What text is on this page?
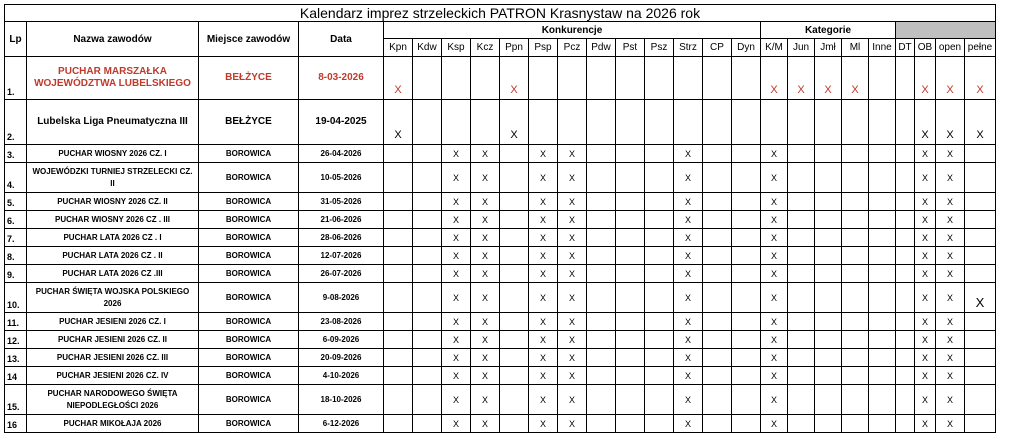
Kalendarz imprez strzeleckich PATRON Krasnystaw na 2026 rok																									
Lp	Nazwa zawodów	Miejsce zawodów	Data	Konkurencje													Kategorie								
				Kpn	Kdw	Ksp	Kcz	Ppn	Psp	Pcz	Pdw	Pst	Psz	Strz	CP	Dyn	K/M	Jun	Jmł	Ml	Inne	DT	OB	open	pełne
1.	PUCHAR MARSZAŁKA WOJEWÓDZTWA LUBELSKIEGO	BEŁŻYCE	8-03-2026	X				X									X	X	X	X			X	X	X
2.	Lubelska Liga Pneumatyczna III	BEŁŻYCE	19-04-2025	X				X															X	X	X
3.	PUCHAR WIOSNY 2026 CZ. I	BOROWICA	26-04-2026			X	X		X	X				X			X						X	X	
4.	WOJEWÓDZKI TURNIEJ STRZELECKI CZ. II	BOROWICA	10-05-2026			X	X		X	X				X			X						X	X	
5.	PUCHAR WIOSNY 2026 CZ. II	BOROWICA	31-05-2026			X	X		X	X				X			X						X	X	
6.	PUCHAR WIOSNY 2026 CZ . III	BOROWICA	21-06-2026			X	X		X	X				X			X						X	X	
7.	PUCHAR LATA 2026 CZ . I	BOROWICA	28-06-2026			X	X		X	X				X			X						X	X	
8.	PUCHAR LATA 2026 CZ . II	BOROWICA	12-07-2026			X	X		X	X				X			X						X	X	
9.	PUCHAR LATA 2026 CZ .III	BOROWICA	26-07-2026			X	X		X	X				X			X						X	X	
10.	PUCHAR ŚWIĘTA WOJSKA POLSKIEGO 2026	BOROWICA	9-08-2026			X	X		X	X				X			X						X	X	X
11.	PUCHAR JESIENI 2026 CZ. I	BOROWICA	23-08-2026			X	X		X	X				X			X						X	X	
12.	PUCHAR JESIENI 2026 CZ. II	BOROWICA	6-09-2026			X	X		X	X				X			X						X	X	
13.	PUCHAR JESIENI 2026 CZ. III	BOROWICA	20-09-2026			X	X		X	X				X			X						X	X	
14	PUCHAR JESIENI 2026 CZ. IV	BOROWICA	4-10-2026			X	X		X	X				X			X						X	X	
15.	PUCHAR NARODOWEGO ŚWIĘTA NIEPODLEGŁOŚCI 2026	BOROWICA	18-10-2026			X	X		X	X				X			X						X	X	
16	PUCHAR MIKOŁAJA 2026	BOROWICA	6-12-2026			X	X		X	X				X			X						X	X	
